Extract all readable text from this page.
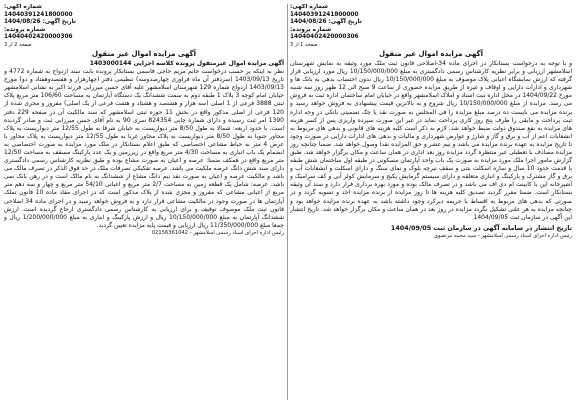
شماره آگهی: 14040391241800000
تاریخ آگهی: 1404/08/26
شماره پرونده: 14040402420000306
صفحه 1 از 3
آگهی مزایده اموال غیر منقول
و با توجه به درخواست بستانکار در اجرای ماده 34-اصلاحی قانون ثبت ملک مورد وثیقه به نمایش شهرستان اسلامشهر ارزیابی و برابر نظریه کارشناس رسمی دادگستری به مبلغ 10/150/000/000 ریال مورد ارزیابی قرار گرفته که ارزش نمایشگاه اعیانی پلاک موصوف به مبلغ 10/150/000/000 ریال بدون احتساب بدهی به بانک ها و شهرداری و ادارات دارایی و اوقاف و غیره از طریق مزایده حضوری از ساعت 9 صبح الی 12 ظهر روز سه شنبه مورخ 1404/09/22 در محل اداره ثبت اسناد و املاک اسلامشهر واقع در خیابان امام ساختمان اداره ثبت به فروش می رسد. مزایده از مبلغ 10/150/000/000 ریال شروع و به بالاترین قیمت پیشنهادی به فروش خواهد رسید و برنده مزایده می بایست ده درصد مبلغ مزایده را فی المجلس به صورت نقد یا چک تضمینی بانکی در وجه اداره ثبت پرداخت و مابقی را ظرف پنج روز کاری پرداخت نماید در غیر این صورت سپرده واریزی پس از کسر هزینه های مزایده به نفع صندوق دولت ضبط خواهد شد. لازم به ذکر است کلیه هزینه های قانونی و بدهی های مربوط به انشعابات اعم از آب و برق و گاز و شارژ و عوارض شهرداری و مالیات و بدهی های ادارات دارایی در صورت وجود تا تاریخ مزایده به عهده برنده مزایده می باشد و نیم عشر و حق المزایده نقدا وصول خواهد شد. ضمنا چنانچه روز مزایده مصادف با تعطیلی غیر منتظره گردد مزایده روز بعد اداری در همان ساعت و مکان برگزار خواهد شد. طبق گزارش مامور اجرا ملک مورد مزایده به صورت یک باب واحد آپارتمان مسکونی در طبقه اول ساختمان شش طبقه با قدمت حدود 10 سال و سازه اسکلت بتنی و سقف تیرچه بلوک و نمای سنگ و دارای اسکلت و انشعابات آب و برق و گاز مشترک و پارکینگ و انباری متعلقه و دارای سیستم گرمایش پکیج و سرمایش کولر آبی و کف سرامیک و آشپزخانه اپن با کابینت ام دی اف می باشد و در تصرف مالک بوده و مورد بهره برداری قرار دارد و سند آن وثیقه بستانکار است. ضمنا مقرر گردید تصدیق کلیه هزینه ها تا روز مزایده از برنده مزایده اخذ و تسویه گردد و در صورتی که بدهی های مربوط به اقساط یا جریمه دیرکرد وجود داشته باشد به عهده برنده مزایده خواهد بود و چنانچه مزایده به هر علتی تشکیل نگردد مزایده در روز بعد در همان ساعت و مکان برگزار خواهد شد. تاریخ انتشار این آگهی در سازمان ثبت 1404/09/05
تاریخ انتشار در سامانه آگهی در سازمان ثبت 1404/09/05
رئیس اداره اجرای اسناد رسمی اسلامشهر - سید محمد مرتضوی
شماره آگهی: 14040391241800000
تاریخ آگهی: 1404/08/26
شماره پرونده: 14040402420000306
صفحه 2 از 3
آگهی مزایده اموال غیر منقول
آگهی مزایده اموال غیرمنقول پرونده کلاسه اجرایی 1403000144
نظر به اینکه بر حسب درخواست خانم مریم حاجی قاسمی بستانکار پرونده بابت سند ازدواج به شماره 4772 و تاریخ 1403/09/13 (سردفتر آن ماه فراوری چهارصدوسه) تنظیمی دفتر (چهارهزار و هفتصدوهفتاد و دو) مورخ 1403/09/13 ازدواج شماره 129 شهرستان اسلامشهر علیه آقای حسن میرزایی فرزند اکبر به نشانی اسلامشهر خیابان امام کوچه 3 پلاک 1 طبقه دوم به سمت ششدانگ یک دستگاه آپارتمان به مساحت 106/60 متر مربع پلاک ثبتی 3888 فرعی از 1 اصلی (سه هزار و هشتصد و هشتاد و هشت فرعی از یک اصلی) مفروز و مجزی شده از 120 فرعی از اصلی مذکور واقع در بخش 11 حوزه ثبتی اسلامشهر که سند مالکیت آن در صفحه 229 دفتر 1390 امر ثبت رسیده و دارای شماره چاپی 824354 سری 90 به نام آقای حسن میرزایی ثبت و صادر گردیده است. با حدود اربعه: شمالا به طول 8/50 متر دیواریست به خیابان شرقا به طول 12/55 متر دیواریست به پلاک مجاور جنوبا به طول 8/50 متر دیواریست به پلاک مجاور غربا به طول 12/55 متر دیواریست به پلاک مجاور با عرض 4 متر به حیاط مشاعی اختصاصی که طبق اعلام بستانکار در ملک مورد مزایده به صورت اختصاصی به انضمام یک باب انباری به مساحت 4/30 متر مربع واقع در زیرزمین و یک عدد پارکینگ مسقف به مساحت 12/50 متر مربع واقع در همکف ضمنا: عرصه و اعیان به صورت مشاع بوده و طبق نظریه کارشناس رسمی دادگستری دارای سند شش دانگ عرصه ملکیت می باشد. عرصه تفکیکی تصرفات ملک در حد فوق الذکر در تصرف مالک می باشد و مالکیت عرصه و اعیان به صورت نقد نیم دانگ مشاع از ششدانگ به نام مالک است و در رهن بانک نمی باشد. عرصه: شامل یک قطعه زمین به مساحت 2/7 متر مربع و اعیانی 54/10 متر مربع و چهار و سه دهم متر مربع از اعیانی مشاعی که مفروز و مجزی شده از پلاک مذکور است که در اجرای مفاد ماده 10 قانون تملک آپارتمان ها در صورت وجود در مالکیت مشاعی قرار دارد و به فروش خواهد رسید و در اجرای ماده 34 اصلاحی قانون ثبت ملک موصوف توقیف و برای ارزیابی به کارشناس رسمی دادگستری ارجاع گردیده است. ارزش ششدانگ آپارتمان به مبلغ 10/150/000/000 ریال و ارزش پارکینگ و انباری به مبلغ 1/200/000/000 ریال و جمعا مبلغ 11/350/000/000 ریال ارزیابی و قیمت پایه مزایده تعیین گردید.
رئیس اداره اجرای اسناد رسمی اسلامشهر - 02156361042
